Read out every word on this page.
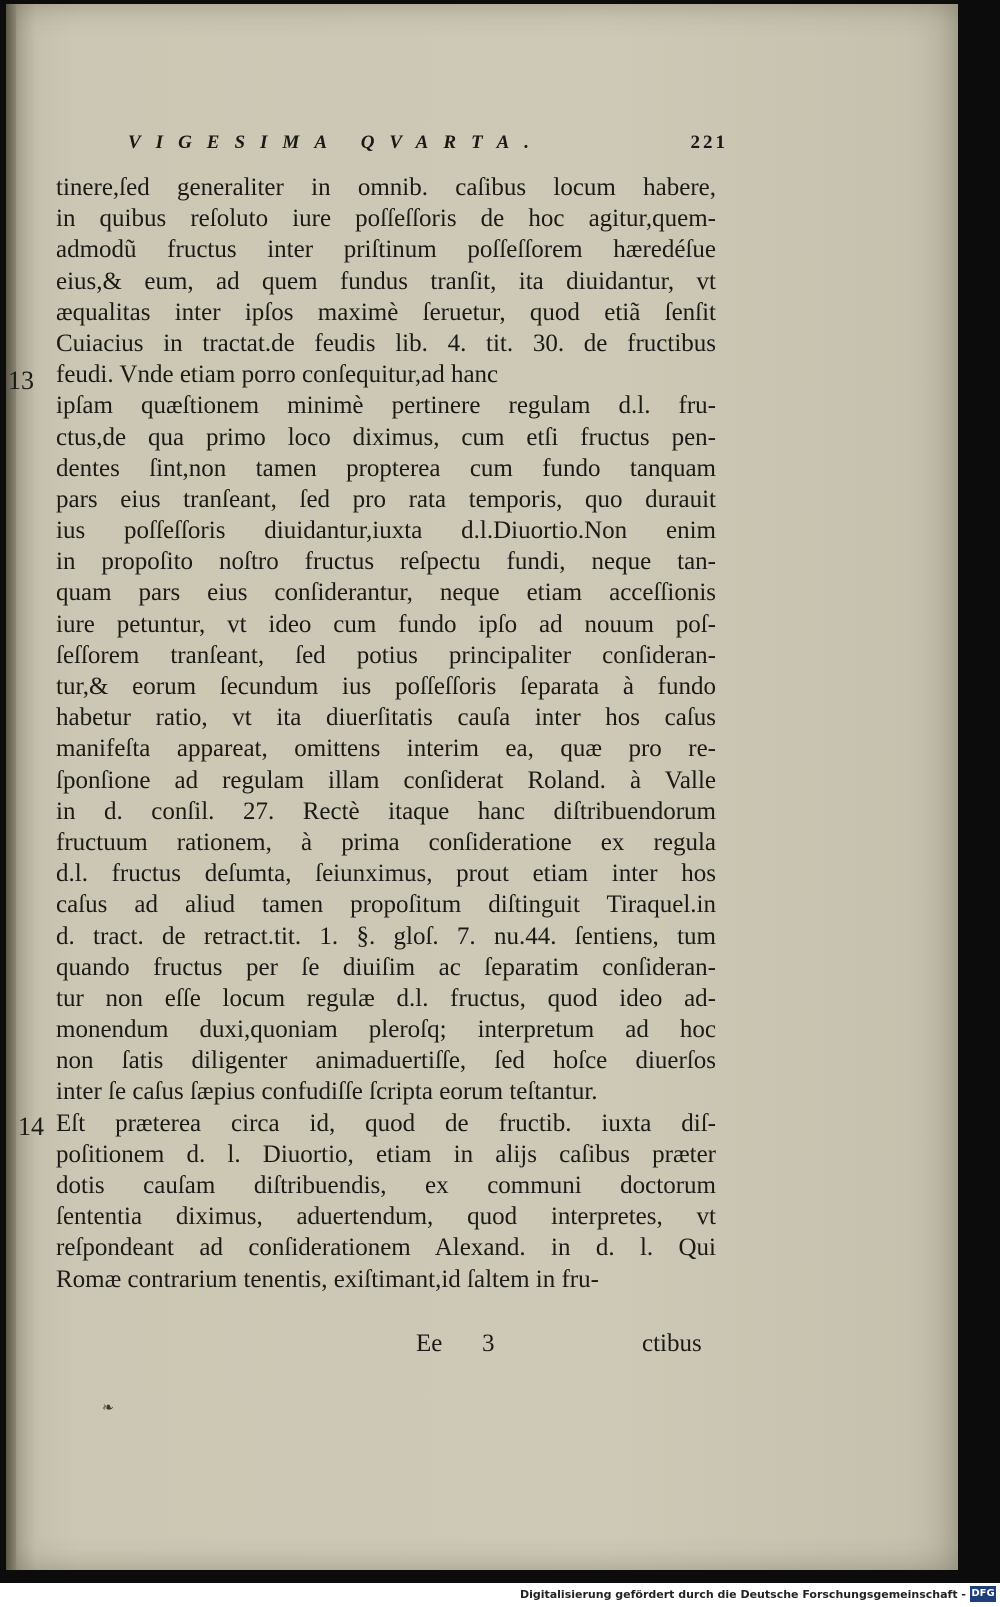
VIGESIMA QVARTA.	221
13
14
tinere,ſed generaliter in omnib. caſibus locum habere,
in quibus reſoluto iure poſſeſſoris de hoc agitur,quem-
admodũ fructus inter priſtinum poſſeſſorem hæredéſue
eius,& eum, ad quem fundus tranſit, ita diuidantur, vt
æqualitas inter ipſos maximè ſeruetur, quod etiã ſenſit
Cuiacius in tractat.de feudis lib. 4. tit. 30. de fructibus
feudi. Vnde etiam porro conſequitur,ad hanc
ipſam quæſtionem minimè pertinere regulam d.l. fru-
ctus,de qua primo loco diximus, cum etſi fructus pen-
dentes ſint,non tamen propterea cum fundo tanquam
pars eius tranſeant, ſed pro rata temporis, quo durauit
ius poſſeſſoris diuidantur,iuxta d.l.Diuortio.Non enim
in propoſito noſtro fructus reſpectu fundi, neque tan-
quam pars eius conſiderantur, neque etiam acceſſionis
iure petuntur, vt ideo cum fundo ipſo ad nouum poſ-
ſeſſorem tranſeant, ſed potius principaliter conſideran-
tur,& eorum ſecundum ius poſſeſſoris ſeparata à fundo
habetur ratio, vt ita diuerſitatis cauſa inter hos caſus
manifeſta appareat, omittens interim ea, quæ pro re-
ſponſione ad regulam illam conſiderat Roland. à Valle
in d. conſil. 27. Rectè itaque hanc diſtribuendorum
fructuum rationem, à prima conſideratione ex regula
d.l. fructus deſumta, ſeiunximus, prout etiam inter hos
caſus ad aliud tamen propoſitum diſtinguit Tiraquel.in
d. tract. de retract.tit. 1. §. gloſ. 7. nu.44. ſentiens, tum
quando fructus per ſe diuiſim ac ſeparatim conſideran-
tur non eſſe locum regulæ d.l. fructus, quod ideo ad-
monendum duxi,quoniam pleroſq; interpretum ad hoc
non ſatis diligenter animaduertiſſe, ſed hoſce diuerſos
inter ſe caſus ſæpius confudiſſe ſcripta eorum teſtantur.
Eſt præterea circa id, quod de fructib. iuxta diſ-
poſitionem d. l. Diuortio, etiam in alijs caſibus præter
dotis cauſam diſtribuendis, ex communi doctorum
ſententia diximus, aduertendum, quod interpretes, vt
reſpondeant ad conſiderationem Alexand. in d. l. Qui
Romæ contrarium tenentis, exiſtimant,id ſaltem in fru-
Ee 3	ctibus
❧
Digitalisierung gefördert durch die Deutsche Forschungsgemeinschaft - DFG
